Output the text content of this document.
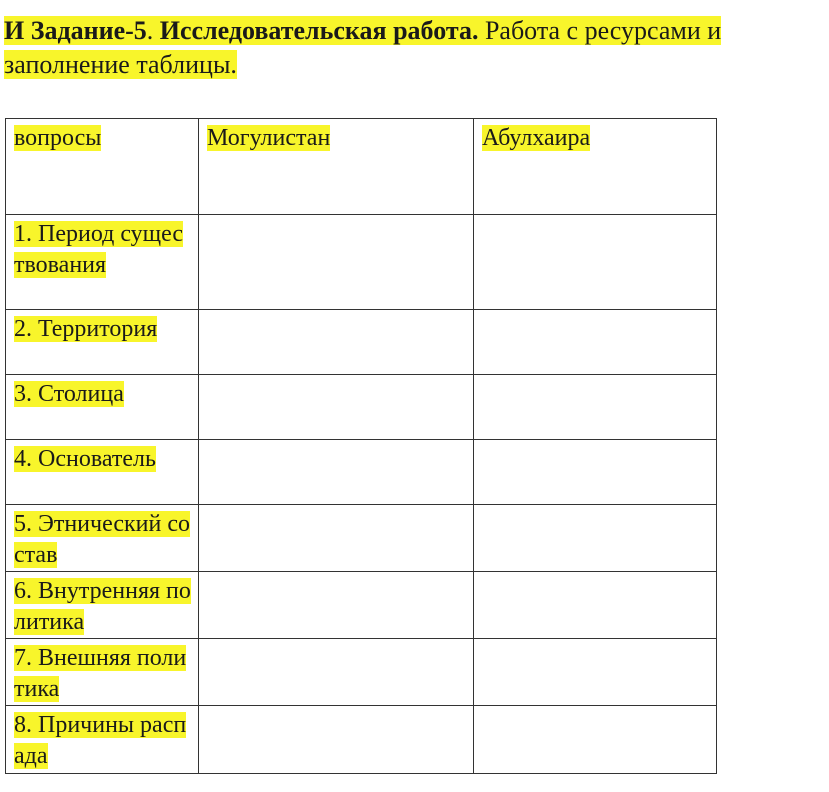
И Задание-5. Исследовательская работа. Работа с ресурсами и заполнение таблицы.
вопросы	Могулистан	Абулхаира
1. Период существования		
2. Территория		
3. Столица		
4. Основатель		
5. Этнический состав		
6. Внутренняя политика		
7. Внешняя политика		
8. Причины распада		
